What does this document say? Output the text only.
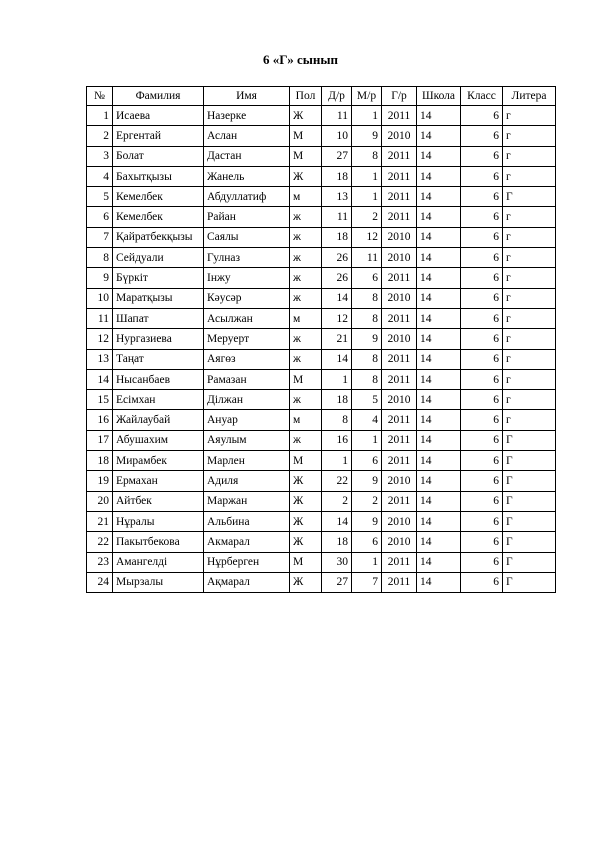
6 «Г» сынып
№	Фамилия	Имя	Пол	Д/р	М/р	Г/р	Школа	Класс	Литера
1	Исаева	Назерке	Ж	11	1	2011	14	6	г
2	Ергентай	Аслан	М	10	9	2010	14	6	г
3	Болат	Дастан	М	27	8	2011	14	6	г
4	Бахытқызы	Жанель	Ж	18	1	2011	14	6	г
5	Кемелбек	Абдуллатиф	м	13	1	2011	14	6	Г
6	Кемелбек	Райан	ж	11	2	2011	14	6	г
7	Қайратбекқызы	Саялы	ж	18	12	2010	14	6	г
8	Сейдуали	Гулназ	ж	26	11	2010	14	6	г
9	Бүркіт	Інжу	ж	26	6	2011	14	6	г
10	Маратқызы	Кәусәр	ж	14	8	2010	14	6	г
11	Шапат	Асылжан	м	12	8	2011	14	6	г
12	Нургазиева	Меруерт	ж	21	9	2010	14	6	г
13	Таңат	Аягөз	ж	14	8	2011	14	6	г
14	Нысанбаев	Рамазан	М	1	8	2011	14	6	г
15	Есімхан	Ділжан	ж	18	5	2010	14	6	г
16	Жайлаубай	Ануар	м	8	4	2011	14	6	г
17	Абушахим	Аяулым	ж	16	1	2011	14	6	Г
18	Мирамбек	Марлен	М	1	6	2011	14	6	Г
19	Ермахан	Адиля	Ж	22	9	2010	14	6	Г
20	Айтбек	Маржан	Ж	2	2	2011	14	6	Г
21	Нұралы	Альбина	Ж	14	9	2010	14	6	Г
22	Пакытбекова	Акмарал	Ж	18	6	2010	14	6	Г
23	Амангелді	Нұрберген	М	30	1	2011	14	6	Г
24	Мырзалы	Ақмарал	Ж	27	7	2011	14	6	Г
